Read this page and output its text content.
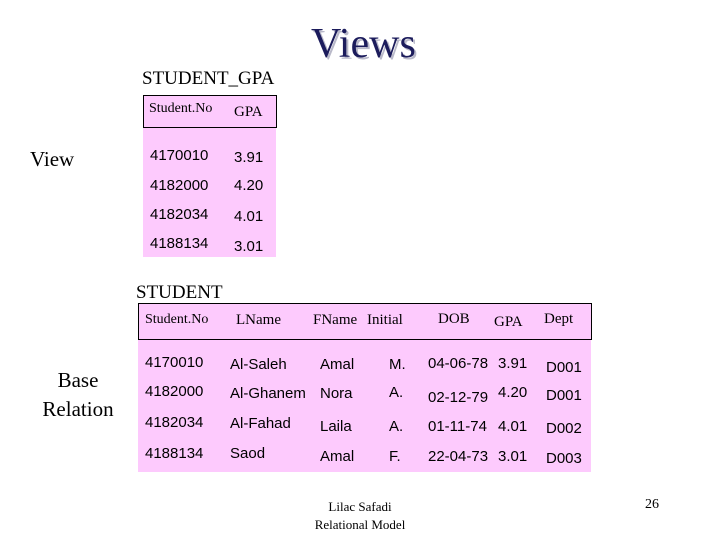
Views
STUDENT_GPA
View
Student.No GPA
4170010 3.91
4182000 4.20
4182034 4.01
4188134 3.01
STUDENT
Base
Relation
Student.No LName FName Initial DOB GPA Dept
4170010 Al-Saleh Amal M. 04-06-78 3.91 D001
4182000 Al-Ghanem Nora A. 02-12-79 4.20 D001
4182034 Al-Fahad Laila A. 01-11-74 4.01 D002
4188134 Saod	Amal F. 22-04-73 3.01 D003
Lilac Safadi
Relational Model
26
